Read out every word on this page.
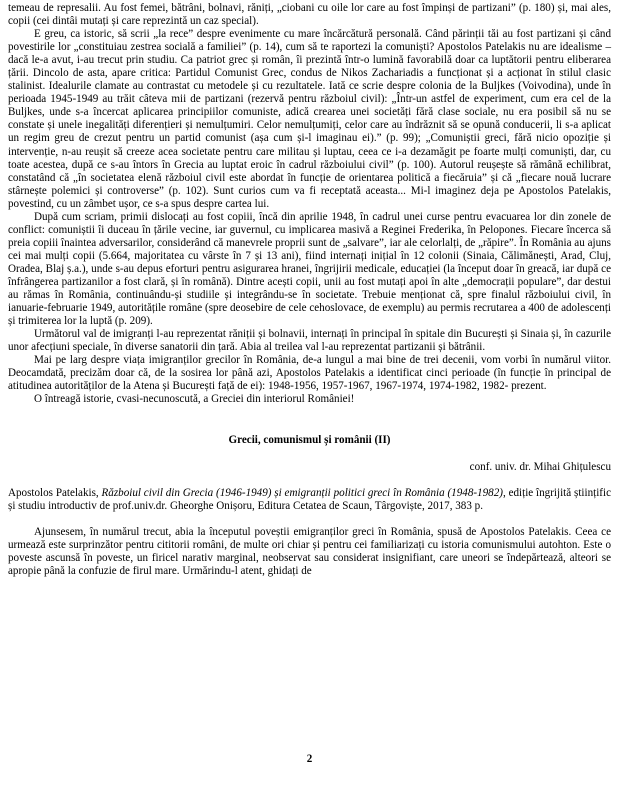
temeau de represalii. Au fost femei, bătrâni, bolnavi, răniți, „ciobani cu oile lor care au fost împinși de partizani” (p. 180) și, mai ales, copii (cei dintâi mutați și care reprezintă un caz special).

E greu, ca istoric, să scrii „la rece” despre evenimente cu mare încărcătură personală. Când părinții tăi au fost partizani și când povestirile lor „constituiau zestrea socială a familiei” (p. 14), cum să te raportezi la comuniști? Apostolos Patelakis nu are idealisme – dacă le-a avut, i-au trecut prin studiu. Ca patriot grec și român, îi prezintă într-o lumină favorabilă doar ca luptătorii pentru eliberarea țării. Dincolo de asta, apare critica: Partidul Comunist Grec, condus de Nikos Zachariadis a funcționat și a acționat în stilul clasic stalinist. Idealurile clamate au contrastat cu metodele și cu rezultatele. Iată ce scrie despre colonia de la Buljkes (Voivodina), unde în perioada 1945-1949 au trăit câteva mii de partizani (rezervă pentru războiul civil): „Într-un astfel de experiment, cum era cel de la Buljkes, unde s-a încercat aplicarea principiilor comuniste, adică crearea unei societăți fără clase sociale, nu era posibil să nu se constate și unele inegalități diferențieri și nemulțumiri. Celor nemulțumiți, celor care au îndrăznit să se opună conducerii, li s-a aplicat un regim greu de crezut pentru un partid comunist (așa cum și-l imaginau ei).” (p. 99); „Comuniștii greci, fără nicio opoziție și intervenție, n-au reușit să creeze acea societate pentru care militau și luptau, ceea ce i-a dezamăgit pe foarte mulți comuniști, dar, cu toate acestea, după ce s-au întors în Grecia au luptat eroic în cadrul războiului civil” (p. 100). Autorul reușește să rămână echilibrat, constatând că „în societatea elenă războiul civil este abordat în funcție de orientarea politică a fiecăruia” și că „fiecare nouă lucrare stârnește polemici și controverse” (p. 102). Sunt curios cum va fi receptată aceasta... Mi-l imaginez deja pe Apostolos Patelakis, povestind, cu un zâmbet ușor, ce s-a spus despre cartea lui.

După cum scriam, primii dislocați au fost copiii, încă din aprilie 1948, în cadrul unei curse pentru evacuarea lor din zonele de conflict: comuniștii îi duceau în țările vecine, iar guvernul, cu implicarea masivă a Reginei Frederika, în Pelopones. Fiecare încerca să preia copiii înaintea adversarilor, considerând că manevrele proprii sunt de „salvare”, iar ale celorlalți, de „răpire”. În România au ajuns cei mai mulți copii (5.664, majoritatea cu vârste în 7 și 13 ani), fiind internați inițial în 12 colonii (Sinaia, Călimănești, Arad, Cluj, Oradea, Blaj ș.a.), unde s-au depus eforturi pentru asigurarea hranei, îngrijirii medicale, educației (la început doar în greacă, iar după ce înfrângerea partizanilor a fost clară, și în română). Dintre acești copii, unii au fost mutați apoi în alte „democrații populare”, dar destui au rămas în România, continuându-și studiile și integrându-se în societate. Trebuie menționat că, spre finalul războiului civil, în ianuarie-februarie 1949, autoritățile române (spre deosebire de cele cehoslovace, de exemplu) au permis recrutarea a 400 de adolescenți și trimiterea lor la luptă (p. 209).

Următorul val de imigranți l-au reprezentat răniții și bolnavii, internați în principal în spitale din București și Sinaia și, în cazurile unor afecțiuni speciale, în diverse sanatorii din țară. Abia al treilea val l-au reprezentat partizanii și bătrânii.

Mai pe larg despre viața imigranților grecilor în România, de-a lungul a mai bine de trei decenii, vom vorbi în numărul viitor. Deocamdată, precizăm doar că, de la sosirea lor până azi, Apostolos Patelakis a identificat cinci perioade (în funcție în principal de atitudinea autorităților de la Atena și București față de ei): 1948-1956, 1957-1967, 1967-1974, 1974-1982, 1982- prezent.

O întreagă istorie, cvasi-necunoscută, a Greciei din interiorul României!

Grecii, comunismul și românii (II)

conf. univ. dr. Mihai Ghițulescu

Apostolos Patelakis, Războiul civil din Grecia (1946-1949) și emigranții politici greci în România (1948-1982), ediție îngrijită științific și studiu introductiv de prof.univ.dr. Gheorghe Onișoru, Editura Cetatea de Scaun, Târgoviște, 2017, 383 p.

Ajunsesem, în numărul trecut, abia la începutul poveștii emigranților greci în România, spusă de Apostolos Patelakis. Ceea ce urmează este surprinzător pentru cititorii români, de multe ori chiar și pentru cei familiarizați cu istoria comunismului autohton. Este o poveste ascunsă în poveste, un firicel narativ marginal, neobservat sau considerat insignifiant, care uneori se îndepărtează, alteori se apropie până la confuzie de firul mare. Urmărindu-l atent, ghidați de

2
